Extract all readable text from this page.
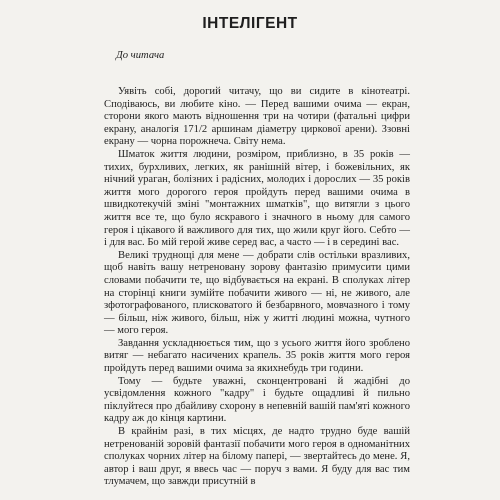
ІНТЕЛІГЕНТ
До читача

Уявіть собі, дорогий читачу, що ви сидите в кінотеатрі. Сподіваюсь, ви любите кіно. — Перед вашими очима — екран, сторони якого мають відношення три на чотири (фатальні цифри екрану, аналогія 171/2 аршинам діаметру циркової арени). Ззовні екрану — чорна порожнеча. Світу нема.

Шматок життя людини, розміром, приблизно, в 35 років — тихих, бурхливих, легких, як ранішній вітер, і божевільних, як нічний ураган, болізних і радісних, молодих і дорослих — 35 років життя мого дорогого героя пройдуть перед вашими очима в швидкотекучій зміні "монтажних шматків", що витягли з цього життя все те, що було яскравого і значного в ньому для самого героя і цікавого й важливого для тих, що жили круг його. Себто — і для вас. Бо мій герой живе серед вас, а часто — і в серединi вас.

Великі труднощі для мене — добрати слів остільки вразливих, щоб навіть вашу нетреновану зорову фантазію примусити цими словами побачити те, що відбувається на екрані. В сполуках літер на сторінці книги зумійте побачити живого — ні, не живого, але зфотографованого, плисковатого й безбарвного, мовчазного і тому — більш, ніж живого, більш, ніж у житті людині можна, чутного — мого героя.

Завдання ускладнюється тим, що з усього життя його зроблено витяг — небагато насичених крапель. 35 років життя мого героя пройдуть перед вашими очима за якихнебудь три години.

Тому — будьте уважні, сконцентровані й жадібні до усвідомлення кожного "кадру" і будьте ощадливі й пильно піклуйтеся про дбайливу схорону в непевній вашій пам'яті кожного кадру аж до кінця картини.

В крайнім разі, в тих місцях, де надто трудно буде вашій нетренованій зоровій фантазії побачити мого героя в одноманітних сполуках чорних літер на білому папері, — звертайтесь до мене. Я, автор і ваш друг, я ввесь час — поруч з вами. Я буду для вас тим тлумачем, що завжди присутній в
